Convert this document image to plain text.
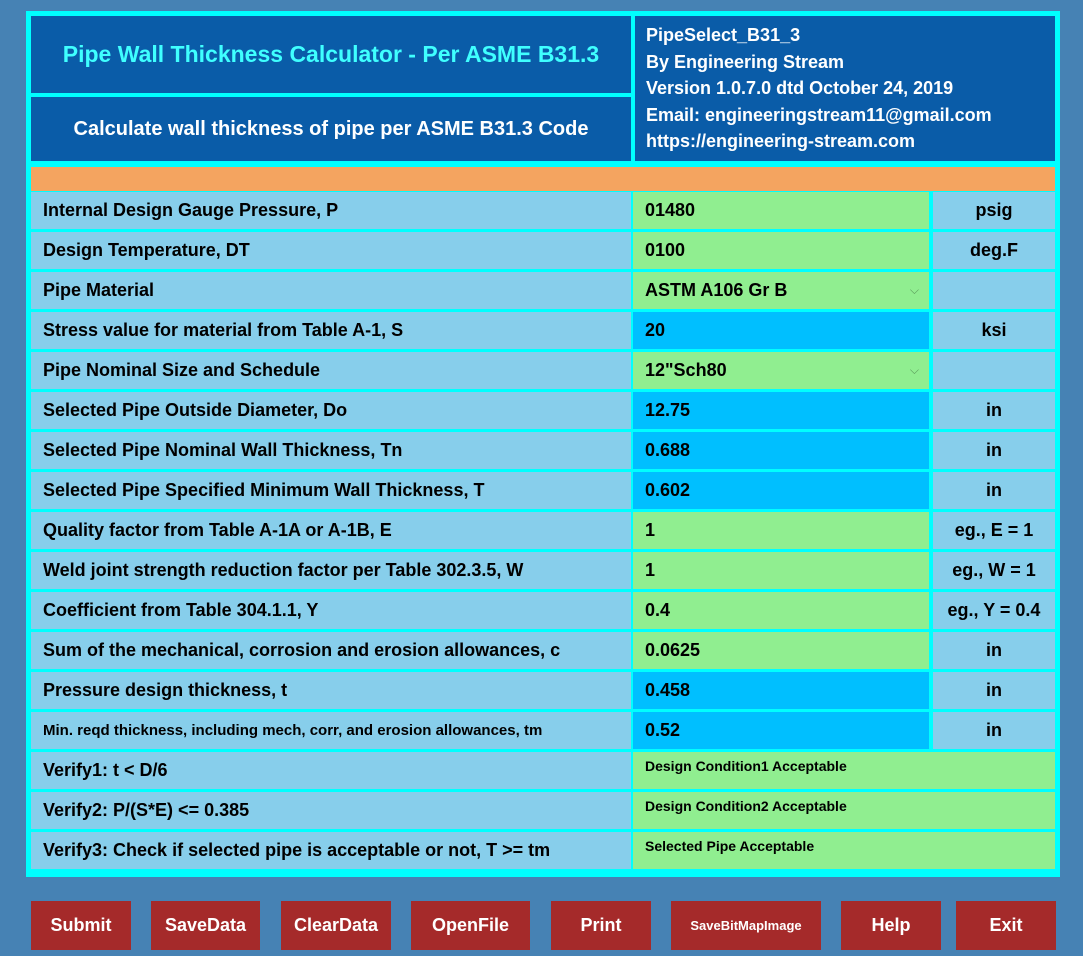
Pipe Wall Thickness Calculator - Per ASME B31.3
Calculate wall thickness of pipe per ASME B31.3 Code
PipeSelect_B31_3
By Engineering Stream
Version 1.0.7.0 dtd October 24, 2019
Email: engineeringstream11@gmail.com
https://engineering-stream.com
Internal Design Gauge Pressure, P	01480	psig
Design Temperature, DT	0100	deg.F
Pipe Material	ASTM A106 Gr B	⌵
Stress value for material from Table A-1, S	20	ksi
Pipe Nominal Size and Schedule	12"Sch80	⌵
Selected Pipe Outside Diameter, Do	12.75	in
Selected Pipe Nominal Wall Thickness, Tn	0.688	in
Selected Pipe Specified Minimum Wall Thickness, T	0.602	in
Quality factor from Table A-1A or A-1B, E	1	eg., E = 1
Weld joint strength reduction factor per Table 302.3.5, W	1	eg., W = 1
Coefficient from Table 304.1.1, Y	0.4	eg., Y = 0.4
Sum of the mechanical, corrosion and erosion allowances, c	0.0625	in
Pressure design thickness, t	0.458	in
Min. reqd thickness, including mech, corr, and erosion allowances, tm	0.52	in
Verify1: t < D/6	Design Condition1 Acceptable
Verify2: P/(S*E) <= 0.385	Design Condition2 Acceptable
Verify3: Check if selected pipe is acceptable or not, T >= tm	Selected Pipe Acceptable
Submit	SaveData	ClearData	OpenFile	Print	SaveBitMapImage	Help	Exit
